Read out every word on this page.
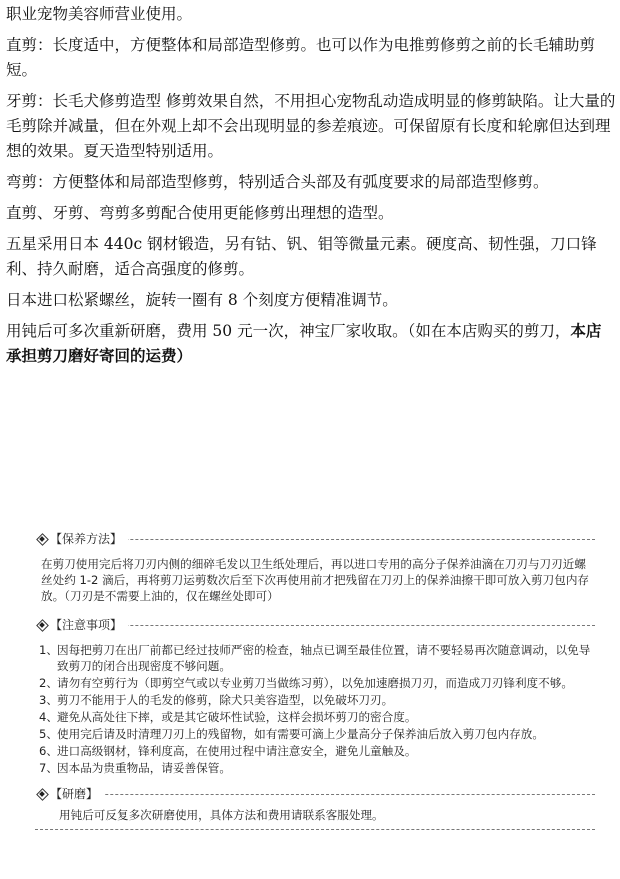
职业宠物美容师营业使用。

直剪：长度适中，方便整体和局部造型修剪。也可以作为电推剪修剪之前的长毛辅助剪短。

牙剪：长毛犬修剪造型 修剪效果自然，不用担心宠物乱动造成明显的修剪缺陷。让大量的毛剪除并减量，但在外观上却不会出现明显的参差痕迹。可保留原有长度和轮廓但达到理想的效果。夏天造型特别适用。

弯剪：方便整体和局部造型修剪，特别适合头部及有弧度要求的局部造型修剪。

直剪、牙剪、弯剪多剪配合使用更能修剪出理想的造型。

五星采用日本 440c 钢材锻造，另有钴、钒、钼等微量元素。硬度高、韧性强，刀口锋利、持久耐磨，适合高强度的修剪。

日本进口松紧螺丝，旋转一圈有 8 个刻度方便精准调节。

用钝后可多次重新研磨，费用 50 元一次，神宝厂家收取。（如在本店购买的剪刀，本店承担剪刀磨好寄回的运费）

【保养方法】
在剪刀使用完后将刀刃内侧的细碎毛发以卫生纸处理后，再以进口专用的高分子保养油滴在刀刃与刀刃近螺丝处约 1-2 滴后，再将剪刀运剪数次后至下次再使用前才把残留在刀刃上的保养油擦干即可放入剪刀包内存放。（刀刃是不需要上油的，仅在螺丝处即可）
【注意事项】
1、 因每把剪刀在出厂前都已经过技师严密的检查，轴点已调至最佳位置，请不要轻易再次随意调动，以免导致剪刀的闭合出现密度不够问题。
2、 请勿有空剪行为（即剪空气或以专业剪刀当做练习剪），以免加速磨损刀刃，而造成刀刃锋利度不够。
3、 剪刀不能用于人的毛发的修剪，除犬只美容造型，以免破坏刀刃。
4、 避免从高处往下摔，或是其它破坏性试验，这样会损坏剪刀的密合度。
5、 使用完后请及时清理刀刃上的残留物，如有需要可滴上少量高分子保养油后放入剪刀包内存放。
6、 进口高级钢材，锋利度高，在使用过程中请注意安全，避免儿童触及。
7、 因本品为贵重物品，请妥善保管。
【研磨】
用钝后可反复多次研磨使用，具体方法和费用请联系客服处理。
